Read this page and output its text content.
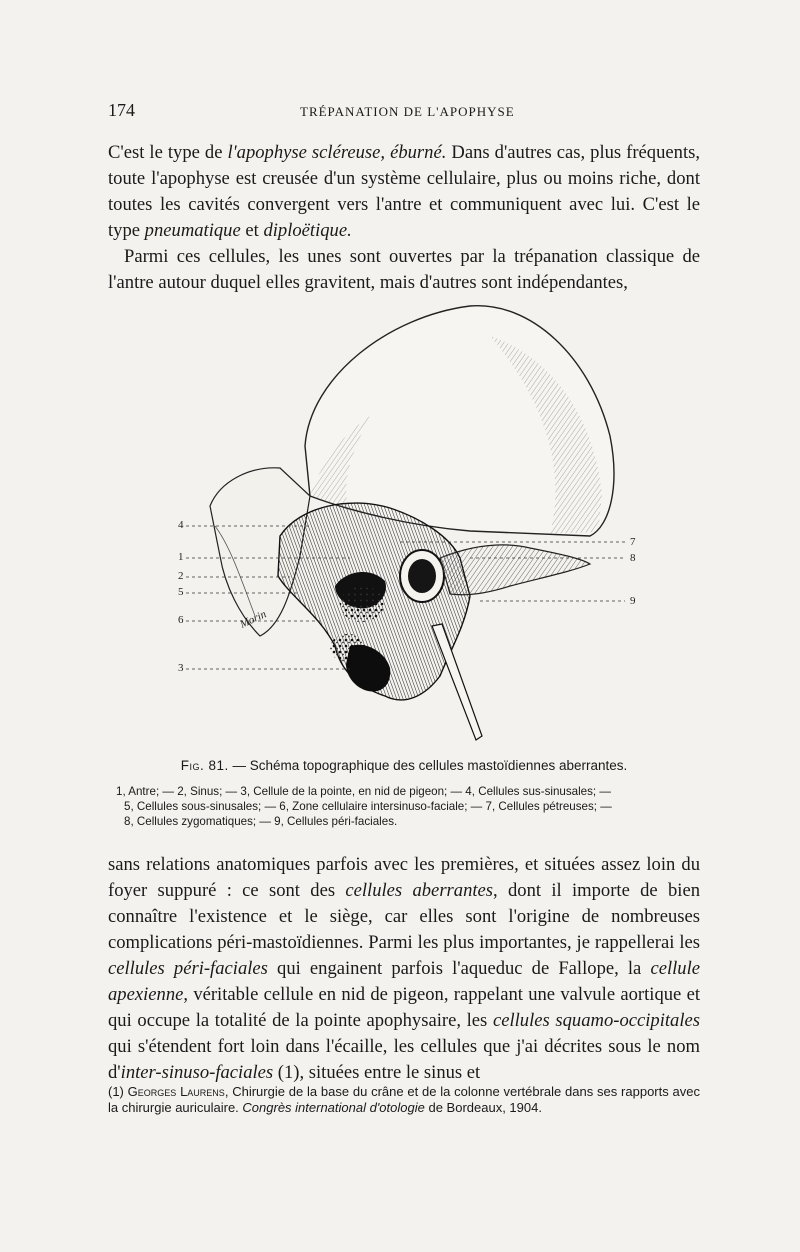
174	TRÉPANATION DE L'APOPHYSE

C'est le type de l'apophyse scléreuse, éburné. Dans d'autres cas, plus fréquents, toute l'apophyse est creusée d'un système cellulaire, plus ou moins riche, dont toutes les cavités convergent vers l'antre et communiquent avec lui. C'est le type pneumatique et diploëtique.

Parmi ces cellules, les unes sont ouvertes par la trépanation classique de l'antre autour duquel elles gravitent, mais d'autres sont indépendantes,

Morin
4
1
2
5
6
3
7
8
9
Fig. 81. — Schéma topographique des cellules mastoïdiennes aberrantes.
1, Antre; — 2, Sinus; — 3, Cellule de la pointe, en nid de pigeon; — 4, Cellules sus-sinusales; —
5, Cellules sous-sinusales; — 6, Zone cellulaire intersinuso-faciale; — 7, Cellules pétreuses; —
8, Cellules zygomatiques; — 9, Cellules péri-faciales.

sans relations anatomiques parfois avec les premières, et situées assez loin du foyer suppuré : ce sont des cellules aberrantes, dont il importe de bien connaître l'existence et le siège, car elles sont l'origine de nombreuses complications péri-mastoïdiennes. Parmi les plus importantes, je rappellerai les cellules péri-faciales qui engainent parfois l'aqueduc de Fallope, la cellule apexienne, véritable cellule en nid de pigeon, rappelant une valvule aortique et qui occupe la totalité de la pointe apophysaire, les cellules squamo-occipitales qui s'étendent fort loin dans l'écaille, les cellules que j'ai décrites sous le nom d'inter-sinuso-faciales (1), situées entre le sinus et

(1) Georges Laurens, Chirurgie de la base du crâne et de la colonne vertébrale dans ses rapports avec la chirurgie auriculaire. Congrès international d'otologie de Bordeaux, 1904.
